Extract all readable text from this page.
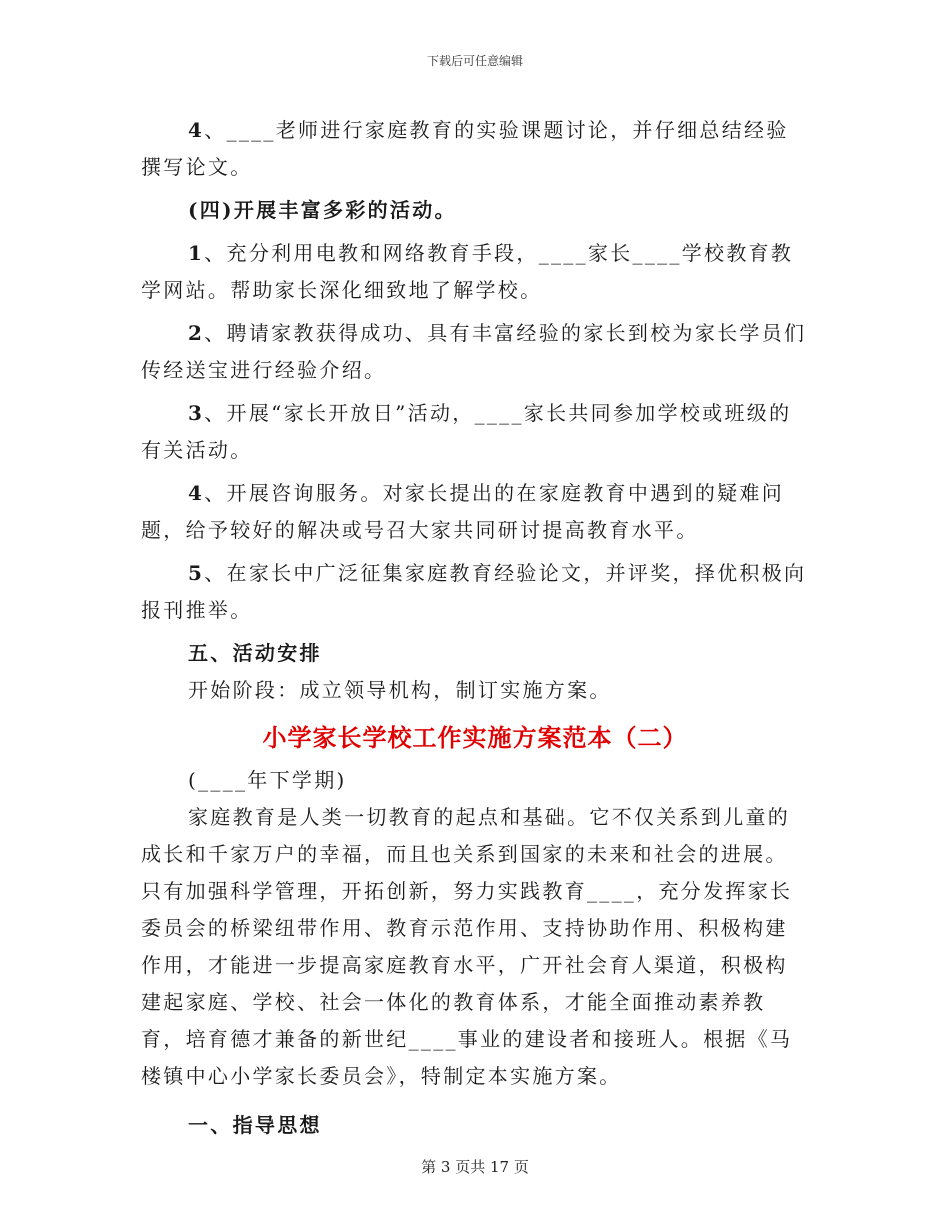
下载后可任意编辑

4、____老师进行家庭教育的实验课题讨论，并仔细总结经验撰写论文。

(四)开展丰富多彩的活动。

1、充分利用电教和网络教育手段，____家长____学校教育教学网站。帮助家长深化细致地了解学校。

2、聘请家教获得成功、具有丰富经验的家长到校为家长学员们传经送宝进行经验介绍。

3、开展“家长开放日”活动，____家长共同参加学校或班级的有关活动。

4、开展咨询服务。对家长提出的在家庭教育中遇到的疑难问题，给予较好的解决或号召大家共同研讨提高教育水平。

5、在家长中广泛征集家庭教育经验论文，并评奖，择优积极向报刊推举。

五、活动安排

开始阶段：成立领导机构，制订实施方案。

小学家长学校工作实施方案范本（二）

(____年下学期)

家庭教育是人类一切教育的起点和基础。它不仅关系到儿童的成长和千家万户的幸福，而且也关系到国家的未来和社会的进展。只有加强科学管理，开拓创新，努力实践教育____，充分发挥家长委员会的桥梁纽带作用、教育示范作用、支持协助作用、积极构建作用，才能进一步提高家庭教育水平，广开社会育人渠道，积极构建起家庭、学校、社会一体化的教育体系，才能全面推动素养教育，培育德才兼备的新世纪____事业的建设者和接班人。根据《马楼镇中心小学家长委员会》，特制定本实施方案。

一、指导思想

第 3 页共 17 页
